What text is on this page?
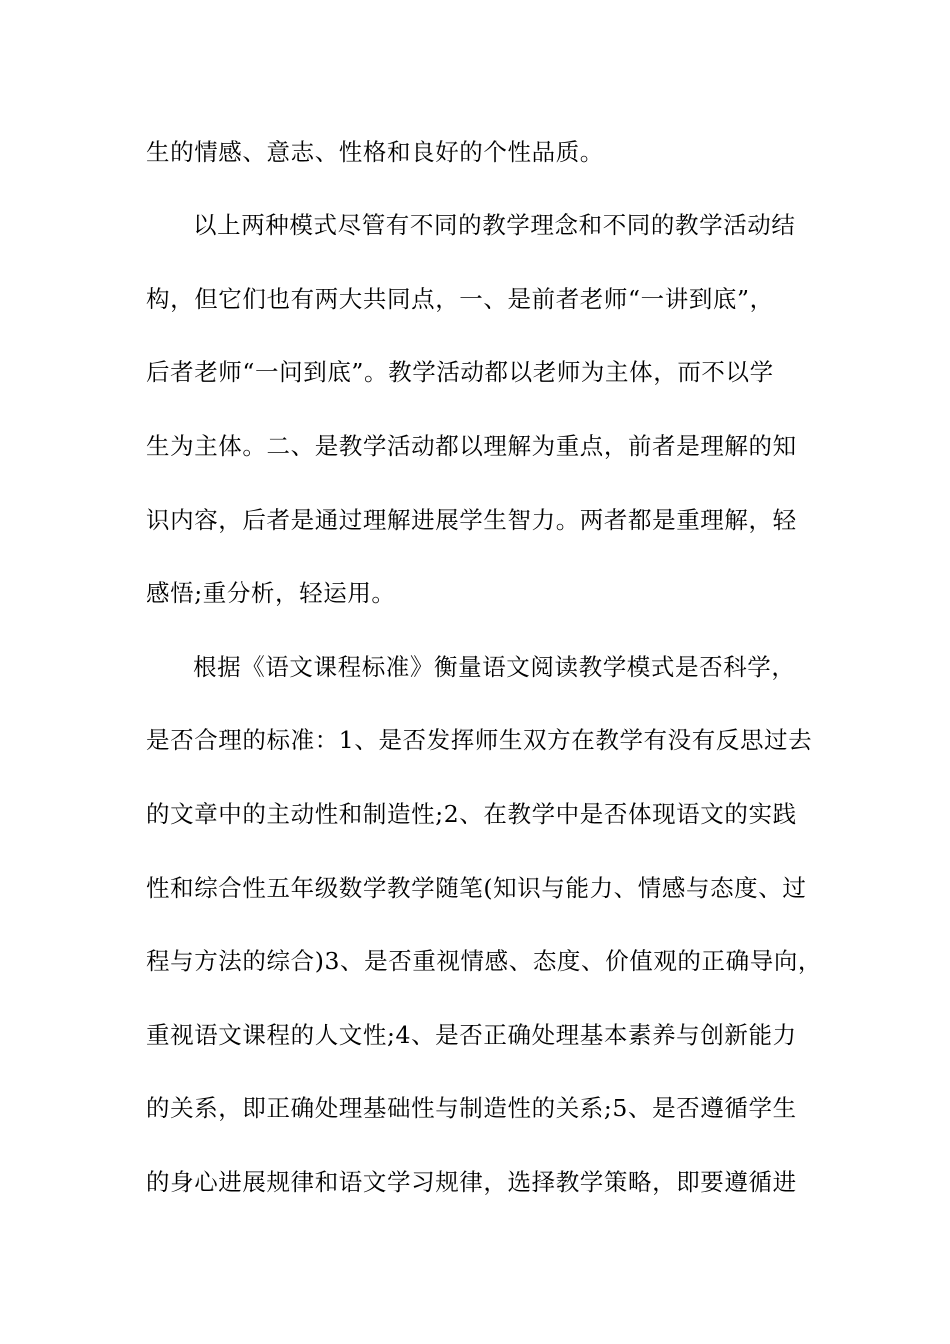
生的情感、意志、性格和良好的个性品质。
以上两种模式尽管有不同的教学理念和不同的教学活动结
构，但它们也有两大共同点，一、是前者老师“一讲到底”，
后者老师“一问到底”。教学活动都以老师为主体，而不以学
生为主体。二、是教学活动都以理解为重点，前者是理解的知
识内容，后者是通过理解进展学生智力。两者都是重理解，轻
感悟;重分析，轻运用。
根据《语文课程标准》衡量语文阅读教学模式是否科学，
是否合理的标准：1、是否发挥师生双方在教学有没有反思过去
的文章中的主动性和制造性;2、在教学中是否体现语文的实践
性和综合性五年级数学教学随笔(知识与能力、情感与态度、过
程与方法的综合)3、是否重视情感、态度、价值观的正确导向，
重视语文课程的人文性;4、是否正确处理基本素养与创新能力
的关系，即正确处理基础性与制造性的关系;5、是否遵循学生
的身心进展规律和语文学习规律，选择教学策略，即要遵循进
